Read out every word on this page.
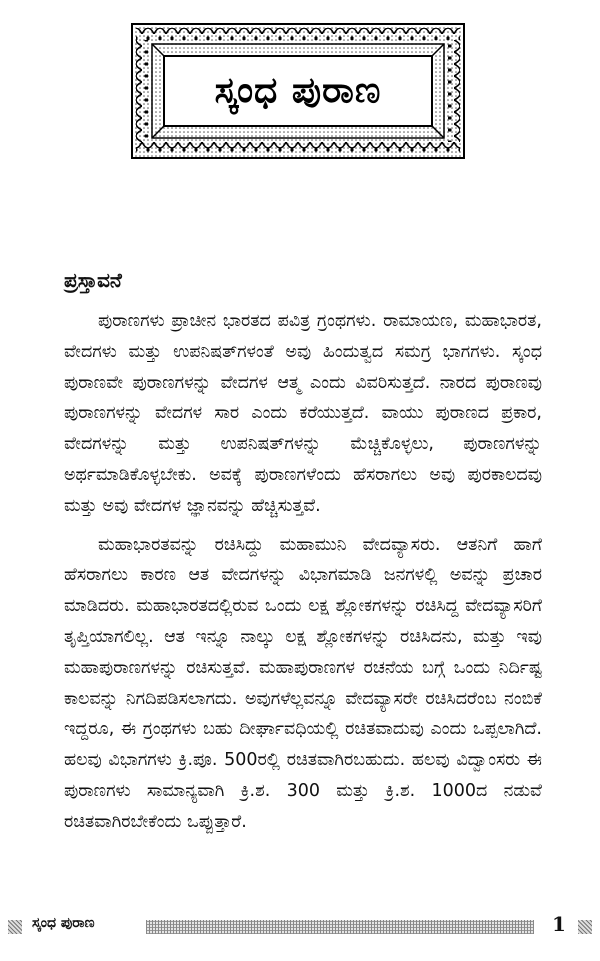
ಸ್ಕಂಧ ಪುರಾಣ
ಪ್ರಸ್ತಾವನೆ

ಪುರಾಣಗಳು ಪ್ರಾಚೀನ ಭಾರತದ ಪವಿತ್ರ ಗ್ರಂಥಗಳು. ರಾಮಾಯಣ, ಮಹಾಭಾರತ, ವೇದಗಳು ಮತ್ತು ಉಪನಿಷತ್‌ಗಳಂತೆ ಅವು ಹಿಂದುತ್ವದ ಸಮಗ್ರ ಭಾಗಗಳು. ಸ್ಕಂಧ ಪುರಾಣವೇ ಪುರಾಣಗಳನ್ನು ವೇದಗಳ ಆತ್ಮ ಎಂದು ವಿವರಿಸುತ್ತದೆ. ನಾರದ ಪುರಾಣವು ಪುರಾಣಗಳನ್ನು ವೇದಗಳ ಸಾರ ಎಂದು ಕರೆಯುತ್ತದೆ. ವಾಯು ಪುರಾಣದ ಪ್ರಕಾರ, ವೇದಗಳನ್ನು ಮತ್ತು ಉಪನಿಷತ್‌ಗಳನ್ನು ಮೆಚ್ಚಿಕೊಳ್ಳಲು, ಪುರಾಣಗಳನ್ನು ಅರ್ಥಮಾಡಿಕೊಳ್ಳಬೇಕು. ಅವಕ್ಕೆ ಪುರಾಣಗಳೆಂದು ಹೆಸರಾಗಲು ಅವು ಪುರಕಾಲದವು ಮತ್ತು ಅವು ವೇದಗಳ ಜ್ಞಾನವನ್ನು ಹೆಚ್ಚಿಸುತ್ತವೆ.

ಮಹಾಭಾರತವನ್ನು ರಚಿಸಿದ್ದು ಮಹಾಮುನಿ ವೇದವ್ಯಾಸರು. ಆತನಿಗೆ ಹಾಗೆ ಹೆಸರಾಗಲು ಕಾರಣ ಆತ ವೇದಗಳನ್ನು ವಿಭಾಗಮಾಡಿ ಜನಗಳಲ್ಲಿ ಅವನ್ನು ಪ್ರಚಾರ ಮಾಡಿದರು. ಮಹಾಭಾರತದಲ್ಲಿರುವ ಒಂದು ಲಕ್ಷ ಶ್ಲೋಕಗಳನ್ನು ರಚಿಸಿದ್ದ ವೇದವ್ಯಾಸರಿಗೆ ತೃಪ್ತಿಯಾಗಲಿಲ್ಲ. ಆತ ಇನ್ನೂ ನಾಲ್ಕು ಲಕ್ಷ ಶ್ಲೋಕಗಳನ್ನು ರಚಿಸಿದನು, ಮತ್ತು ಇವು ಮಹಾಪುರಾಣಗಳನ್ನು ರಚಿಸುತ್ತವೆ. ಮಹಾಪುರಾಣಗಳ ರಚನೆಯ ಬಗ್ಗೆ ಒಂದು ನಿರ್ದಿಷ್ಟ ಕಾಲವನ್ನು ನಿಗದಿಪಡಿಸಲಾಗದು. ಅವುಗಳೆಲ್ಲವನ್ನೂ ವೇದವ್ಯಾಸರೇ ರಚಿಸಿದರೆಂಬ ನಂಬಿಕೆ ಇದ್ದರೂ, ಈ ಗ್ರಂಥಗಳು ಬಹು ದೀರ್ಘಾವಧಿಯಲ್ಲಿ ರಚಿತವಾದುವು ಎಂದು ಒಪ್ಪಲಾಗಿದೆ. ಹಲವು ವಿಭಾಗಗಳು ಕ್ರಿ.ಪೂ. 500ರಲ್ಲಿ ರಚಿತವಾಗಿರಬಹುದು. ಹಲವು ವಿದ್ವಾಂಸರು ಈ ಪುರಾಣಗಳು ಸಾಮಾನ್ಯವಾಗಿ ಕ್ರಿ.ಶ. 300 ಮತ್ತು ಕ್ರಿ.ಶ. 1000ದ ನಡುವೆ ರಚಿತವಾಗಿರಬೇಕೆಂದು ಒಪ್ಪುತ್ತಾರೆ.

ಸ್ಕಂಧ ಪುರಾಣ	1
